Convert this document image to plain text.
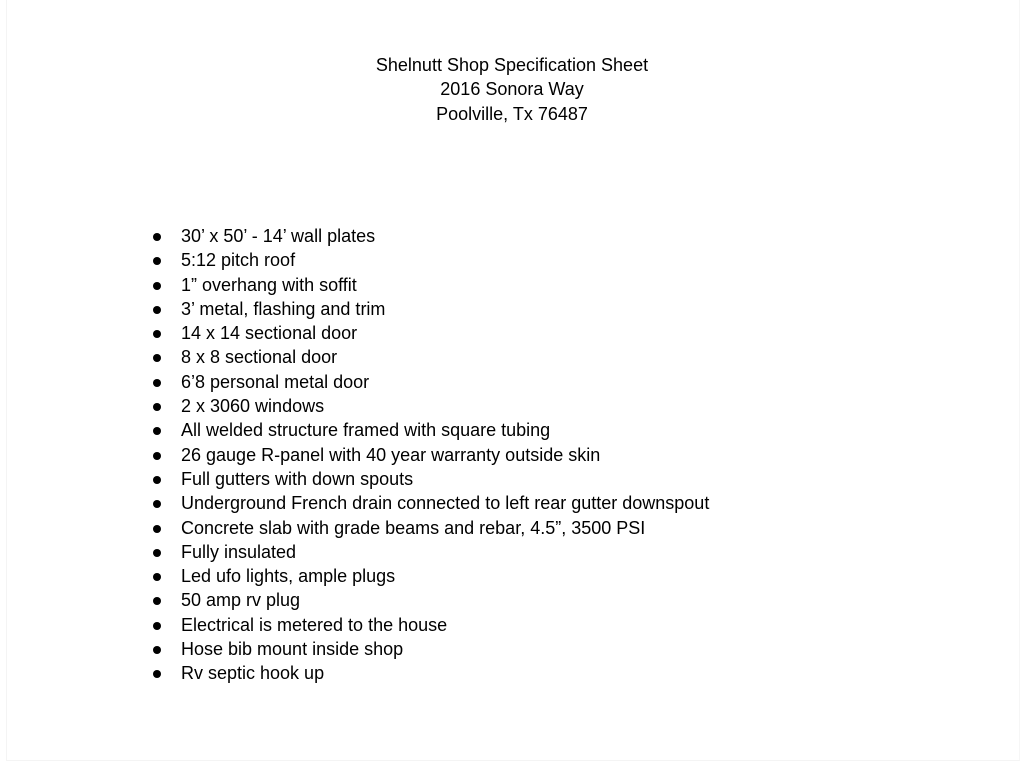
Shelnutt Shop Specification Sheet
2016 Sonora Way
Poolville, Tx 76487
30’ x 50’ - 14’ wall plates
5:12 pitch roof
1” overhang with soffit
3’ metal, flashing and trim
14 x 14 sectional door
8 x 8 sectional door
6’8 personal metal door
2 x 3060 windows
All welded structure framed with square tubing
26 gauge R-panel with 40 year warranty outside skin
Full gutters with down spouts
Underground French drain connected to left rear gutter downspout
Concrete slab with grade beams and rebar, 4.5”, 3500 PSI
Fully insulated
Led ufo lights, ample plugs
50 amp rv plug
Electrical is metered to the house
Hose bib mount inside shop
Rv septic hook up
